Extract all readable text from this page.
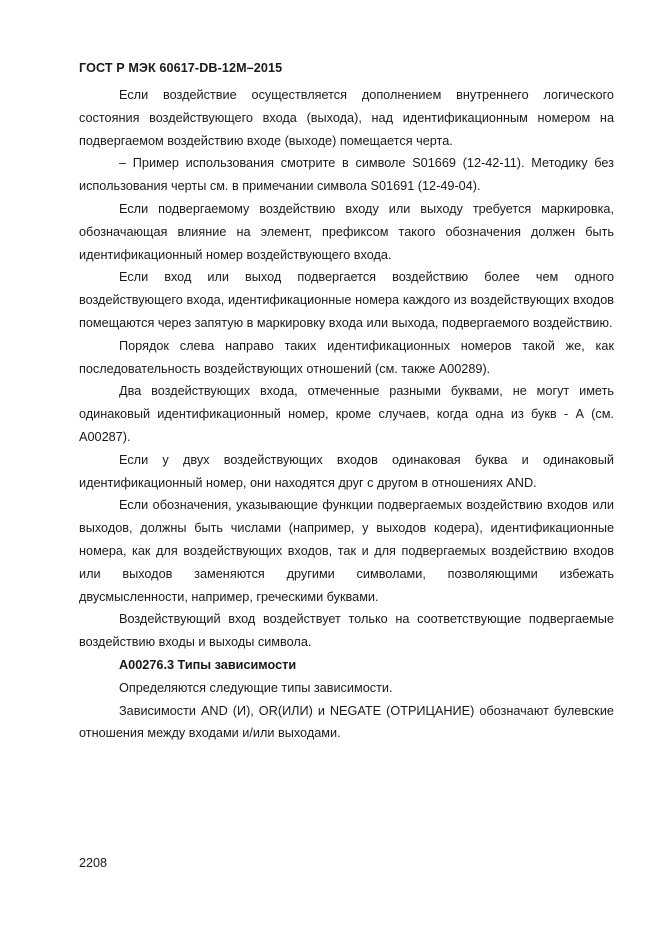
ГОСТ Р МЭК 60617-DB-12M–2015

Если воздействие осуществляется дополнением внутреннего логического состояния воздействующего входа (выхода), над идентификационным номером на подвергаемом воздействию входе (выходе) помещается черта.

– Пример использования смотрите в символе S01669 (12-42-11). Методику без использования черты см. в примечании символа S01691 (12-49-04).

Если подвергаемому воздействию входу или выходу требуется маркировка, обозначающая влияние на элемент, префиксом такого обозначения должен быть идентификационный номер воздействующего входа.

Если вход или выход подвергается воздействию более чем одного воздействующего входа, идентификационные номера каждого из воздействующих входов помещаются через запятую в маркировку входа или выхода, подвергаемого воздействию.

Порядок слева направо таких идентификационных номеров такой же, как последовательность воздействующих отношений (см. также A00289).

Два воздействующих входа, отмеченные разными буквами, не могут иметь одинаковый идентификационный номер, кроме случаев, когда одна из букв - А (см. A00287).

Если у двух воздействующих входов одинаковая буква и одинаковый идентификационный номер, они находятся друг с другом в отношениях AND.

Если обозначения, указывающие функции подвергаемых воздействию входов или выходов, должны быть числами (например, у выходов кодера), идентификационные номера, как для воздействующих входов, так и для подвергаемых воздействию входов или выходов заменяются другими символами, позволяющими избежать двусмысленности, например, греческими буквами.

Воздействующий вход воздействует только на соответствующие подвергаемые воздействию входы и выходы символа.

A00276.3 Типы зависимости

Определяются следующие типы зависимости.

Зависимости AND (И), OR(ИЛИ) и NEGATE (ОТРИЦАНИЕ) обозначают булевские отношения между входами и/или выходами.

2208
